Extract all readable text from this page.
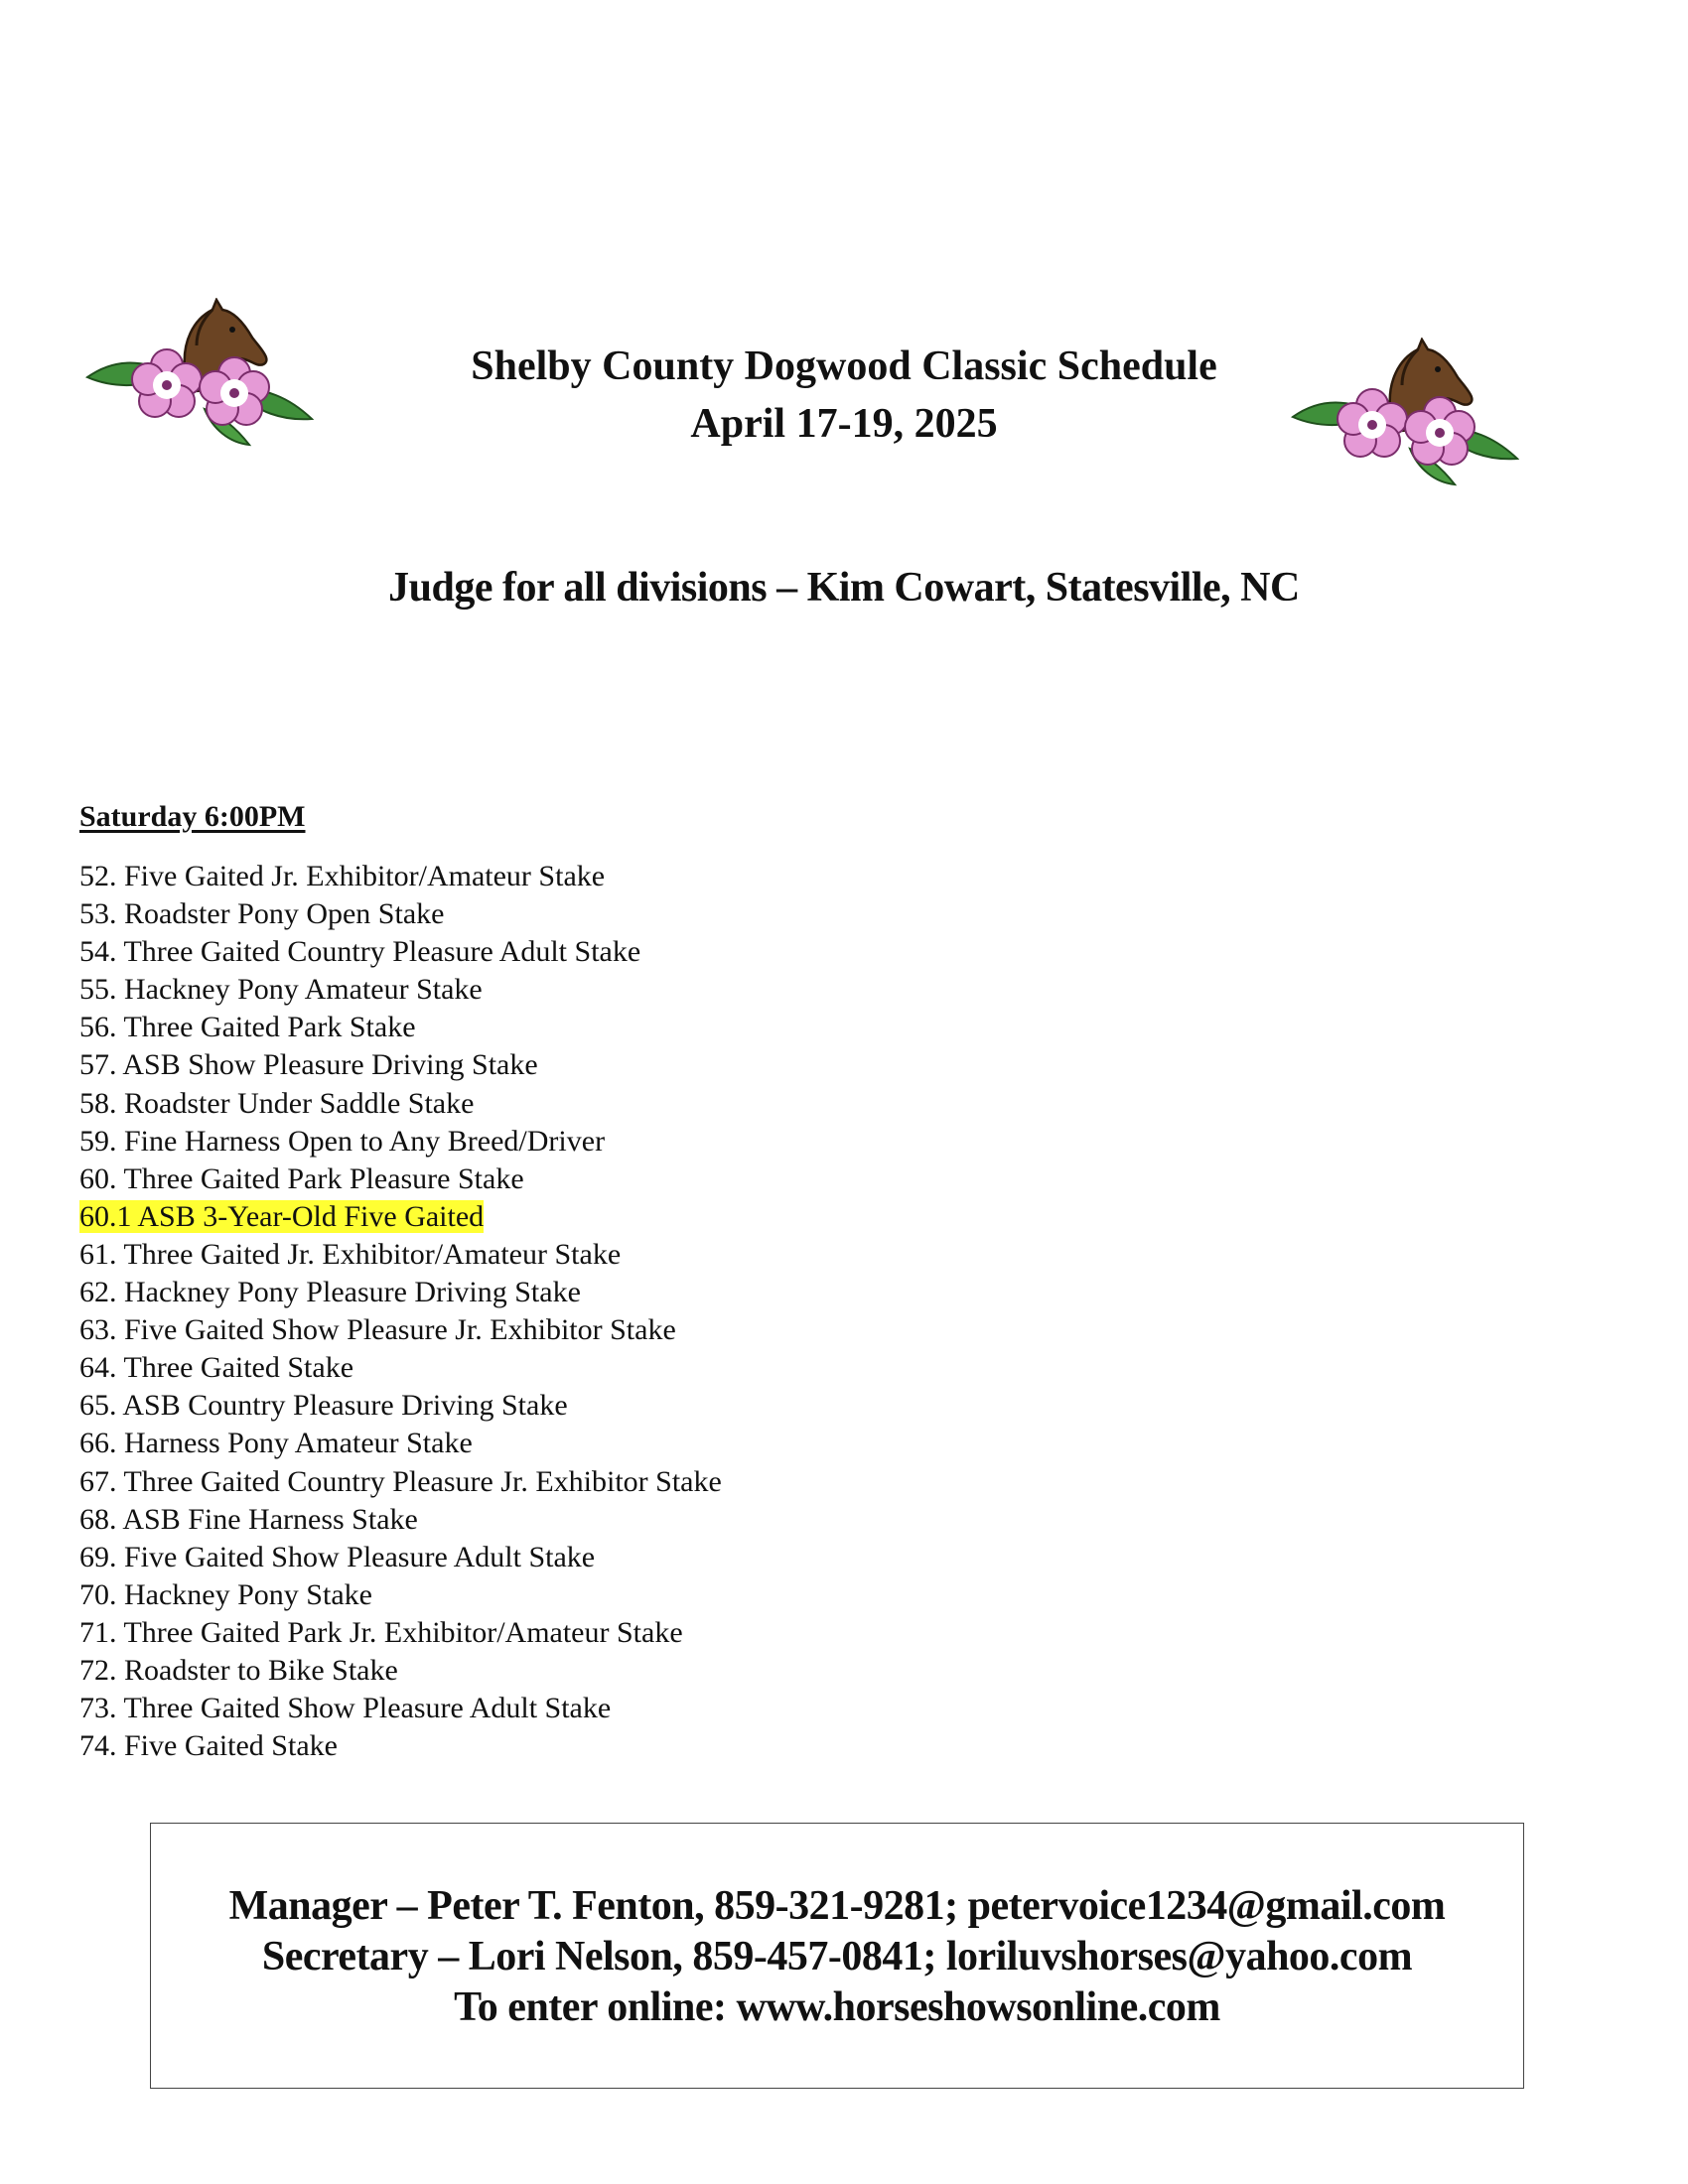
Shelby County Dogwood Classic Schedule
April 17-19, 2025
Judge for all divisions – Kim Cowart, Statesville, NC
Saturday 6:00PM
52. Five Gaited Jr. Exhibitor/Amateur Stake
53. Roadster Pony Open Stake
54. Three Gaited Country Pleasure Adult Stake
55. Hackney Pony Amateur Stake
56. Three Gaited Park Stake
57. ASB Show Pleasure Driving Stake
58. Roadster Under Saddle Stake
59. Fine Harness Open to Any Breed/Driver
60. Three Gaited Park Pleasure Stake
60.1 ASB 3-Year-Old Five Gaited
61. Three Gaited Jr. Exhibitor/Amateur Stake
62. Hackney Pony Pleasure Driving Stake
63. Five Gaited Show Pleasure Jr. Exhibitor Stake
64. Three Gaited Stake
65. ASB Country Pleasure Driving Stake
66. Harness Pony Amateur Stake
67. Three Gaited Country Pleasure Jr. Exhibitor Stake
68. ASB Fine Harness Stake
69. Five Gaited Show Pleasure Adult Stake
70. Hackney Pony Stake
71. Three Gaited Park Jr. Exhibitor/Amateur Stake
72. Roadster to Bike Stake
73. Three Gaited Show Pleasure Adult Stake
74. Five Gaited Stake
Manager – Peter T. Fenton, 859-321-9281; petervoice1234@gmail.com
Secretary – Lori Nelson, 859-457-0841; loriluvshorses@yahoo.com
To enter online: www.horseshowsonline.com
